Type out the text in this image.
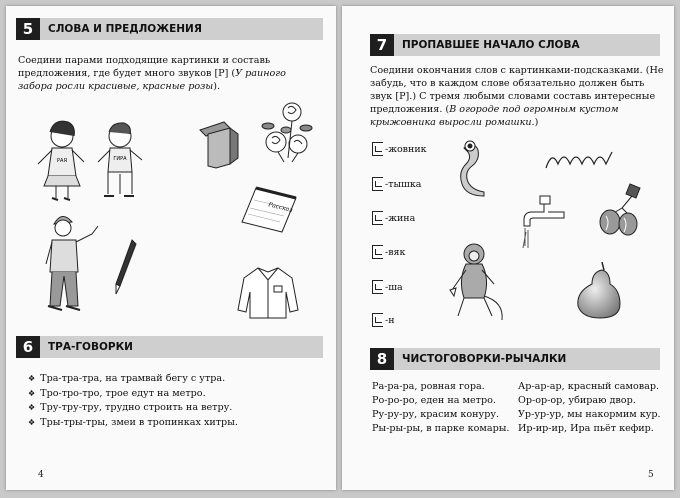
5	СЛОВА И ПРЕДЛОЖЕНИЯ
Соедини парами подходящие картинки и составь предложения, где будет много звуков [Р] (У раиного забора росли красивые, красные розы).
РАЯ	ГИРА
Рассказ
6	ТРА-ГОВОРКИ
❖ Тра-тра-тра, на трамвай бегу с утра.
❖ Тро-тро-тро, трое едут на метро.
❖ Тру-тру-тру, трудно строить на ветру.
❖ Тры-тры-тры, змеи в тропинках хитры.
4
7	ПРОПАВШЕЕ НАЧАЛО СЛОВА
Соедини окончания слов с картинками-подсказками. (Не забудь, что в каждом слове обязательно должен быть звук [Р].) С тремя любыми словами составь интересные предложения. (В огороде под огромным кустом крыжовника выросли ромашки.)
-жовник
-тышка
-жина
-вяк
-ша
-н
8	ЧИСТОГОВОРКИ-РЫЧАЛКИ
Ра-ра-ра, ровная гора.
Ро-ро-ро, еден на метро.
Ру-ру-ру, красим конуру.
Ры-ры-ры, в парке комары.
Ар-ар-ар, красный самовар.
Ор-ор-ор, убираю двор.
Ур-ур-ур, мы накормим кур.
Ир-ир-ир, Ира пьёт кефир.
5
